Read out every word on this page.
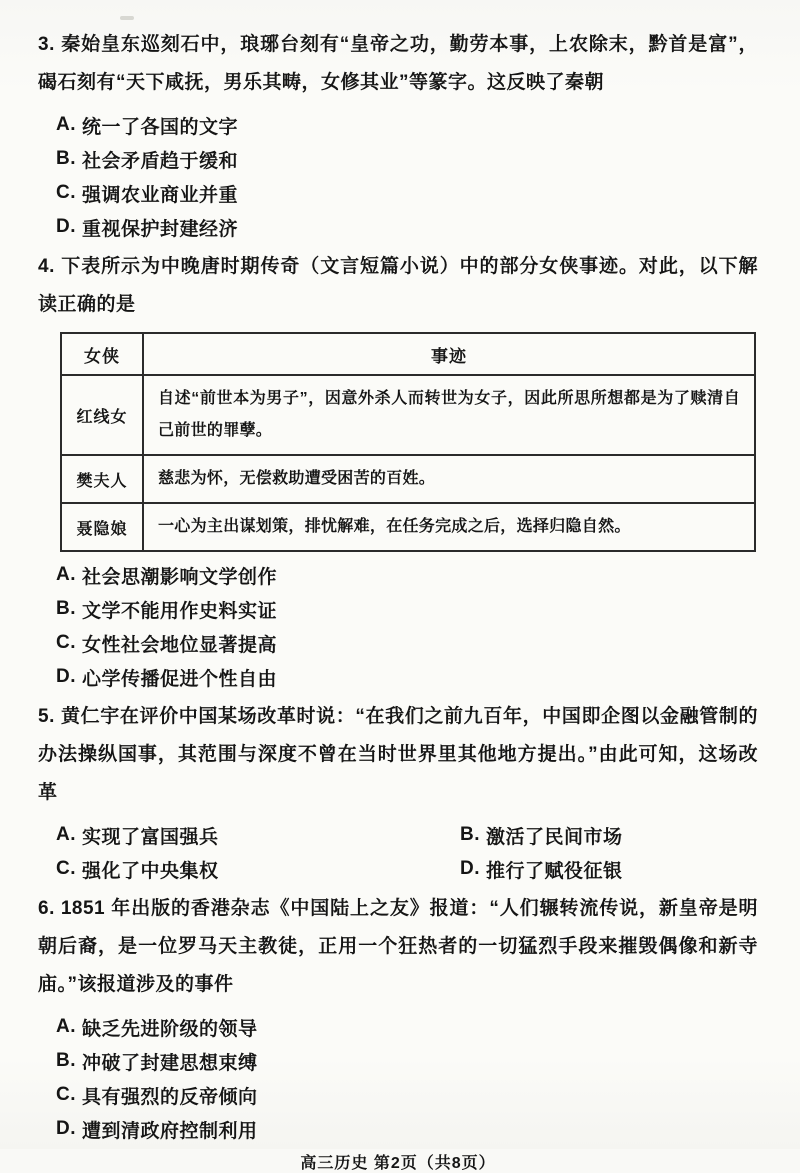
3. 秦始皇东巡刻石中，琅琊台刻有“皇帝之功，勤劳本事，上农除末，黔首是富”，碣石刻有“天下咸抚，男乐其畴，女修其业”等篆字。这反映了秦朝

A. 统一了各国的文字
B. 社会矛盾趋于缓和
C. 强调农业商业并重
D. 重视保护封建经济

4. 下表所示为中晚唐时期传奇（文言短篇小说）中的部分女侠事迹。对此，以下解读正确的是

女侠	事迹
红线女	自述“前世本为男子”，因意外杀人而转世为女子，因此所思所想都是为了赎清自己前世的罪孽。
樊夫人	慈悲为怀，无偿救助遭受困苦的百姓。
聂隐娘	一心为主出谋划策，排忧解难，在任务完成之后，选择归隐自然。
A. 社会思潮影响文学创作
B. 文学不能用作史料实证
C. 女性社会地位显著提高
D. 心学传播促进个性自由

5. 黄仁宇在评价中国某场改革时说：“在我们之前九百年，中国即企图以金融管制的办法操纵国事，其范围与深度不曾在当时世界里其他地方提出。”由此可知，这场改革

A. 实现了富国强兵	B. 激活了民间市场
C. 强化了中央集权	D. 推行了赋役征银

6. 1851 年出版的香港杂志《中国陆上之友》报道：“人们辗转流传说，新皇帝是明朝后裔，是一位罗马天主教徒，正用一个狂热者的一切猛烈手段来摧毁偶像和新寺庙。”该报道涉及的事件

A. 缺乏先进阶级的领导
B. 冲破了封建思想束缚
C. 具有强烈的反帝倾向
D. 遭到清政府控制利用
高三历史 第2页（共8页）
